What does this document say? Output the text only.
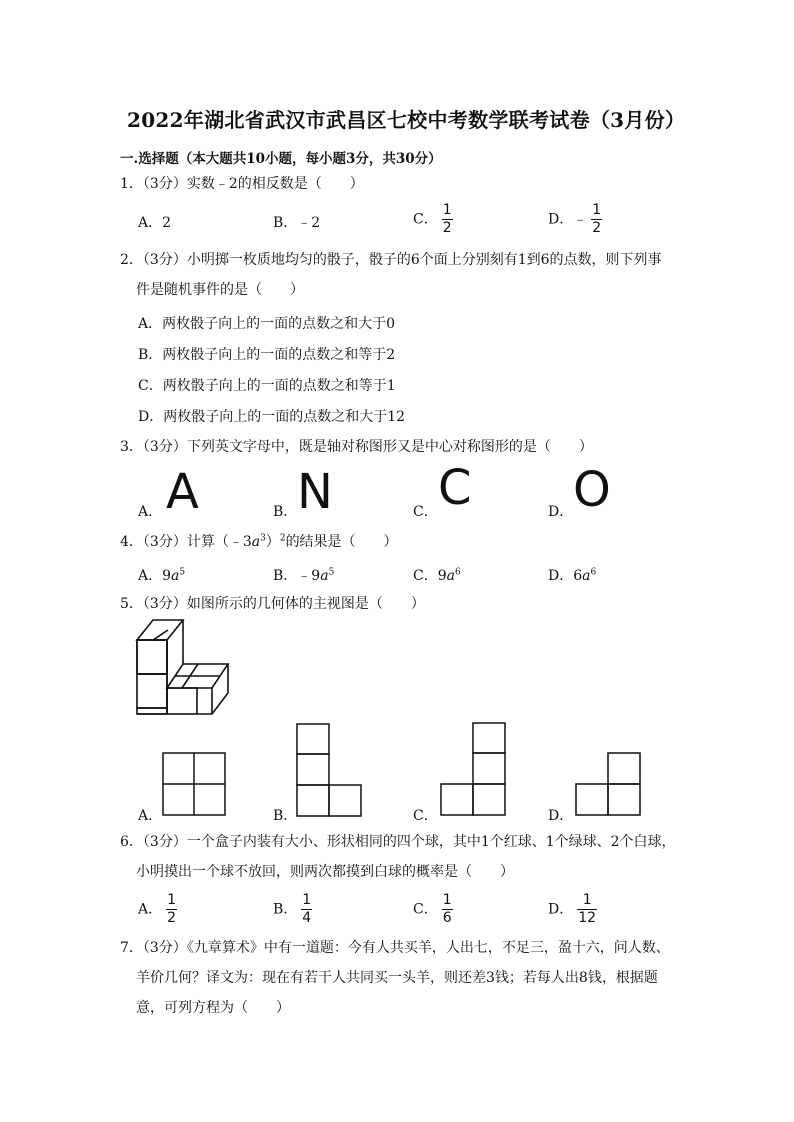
2022年湖北省武汉市武昌区七校中考数学联考试卷（3月份）
一.选择题（本大题共10小题，每小题3分，共30分）
1．（3分）实数﹣2的相反数是（　　）
A．2	B．﹣2	C． $\frac{1}{2}$	D．﹣ $\frac{1}{2}$
2．（3分）小明掷一枚质地均匀的骰子，骰子的6个面上分别刻有1到6的点数，则下列事
件是随机事件的是（　　）
A．两枚骰子向上的一面的点数之和大于0
B．两枚骰子向上的一面的点数之和等于2
C．两枚骰子向上的一面的点数之和等于1
D．两枚骰子向上的一面的点数之和大于12
3．（3分）下列英文字母中，既是轴对称图形又是中心对称图形的是（　　）
A． A	B． N	C． C	D． O
4．（3分）计算$(﹣3a^3)^2$的结果是（　　）
A．$9a^5$	B．$﹣9a^5$	C．$9a^6$	D．$6a^6$
5．（3分）如图所示的几何体的主视图是（　　）
A．	B．	C．	D．
6．（3分）一个盒子内装有大小、形状相同的四个球，其中1个红球、1个绿球、2个白球，
小明摸出一个球不放回，则两次都摸到白球的概率是（　　）
A． $\frac{1}{2}$	B． $\frac{1}{4}$	C． $\frac{1}{6}$	D． $\frac{1}{12}$
7．（3分）《九章算术》中有一道题：今有人共买羊，人出七，不足三，盈十六，问人数、
羊价几何？译文为：现在有若干人共同买一头羊，则还差3钱；若每人出8钱，根据题
意，可列方程为（　　）
